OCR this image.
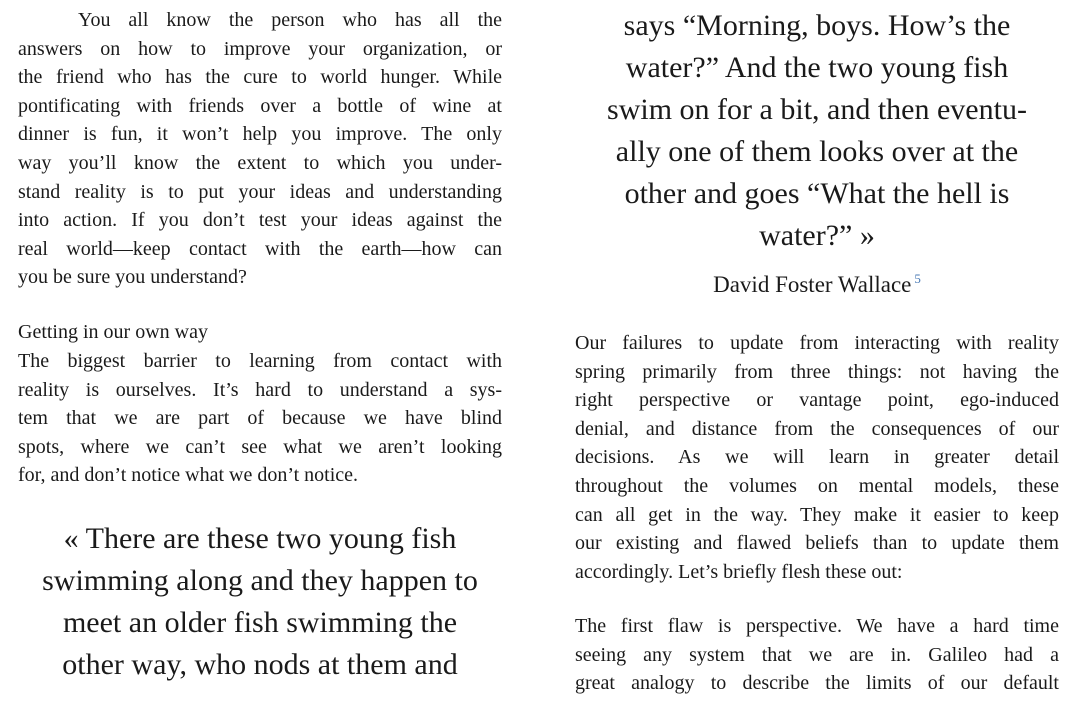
You all know the person who has all the
answers on how to improve your organization, or
the friend who has the cure to world hunger. While
pontificating with friends over a bottle of wine at
dinner is fun, it won’t help you improve. The only
way you’ll know the extent to which you under-
stand reality is to put your ideas and understanding
into action. If you don’t test your ideas against the
real world—keep contact with the earth—how can
you be sure you understand?

Getting in our own way

The biggest barrier to learning from contact with
reality is ourselves. It’s hard to understand a sys-
tem that we are part of because we have blind
spots, where we can’t see what we aren’t looking
for, and don’t notice what we don’t notice.

« There are these two young fish
swimming along and they happen to
meet an older fish swimming the
other way, who nods at them and
says “Morning, boys. How’s the
water?” And the two young fish
swim on for a bit, and then eventu-
ally one of them looks over at the
other and goes “What the hell is
water?” »

David Foster Wallace $^5$

Our failures to update from interacting with reality
spring primarily from three things: not having the
right perspective or vantage point, ego-induced
denial, and distance from the consequences of our
decisions. As we will learn in greater detail
throughout the volumes on mental models, these
can all get in the way. They make it easier to keep
our existing and flawed beliefs than to update them
accordingly. Let’s briefly flesh these out:

The first flaw is perspective. We have a hard time
seeing any system that we are in. Galileo had a
great analogy to describe the limits of our default
